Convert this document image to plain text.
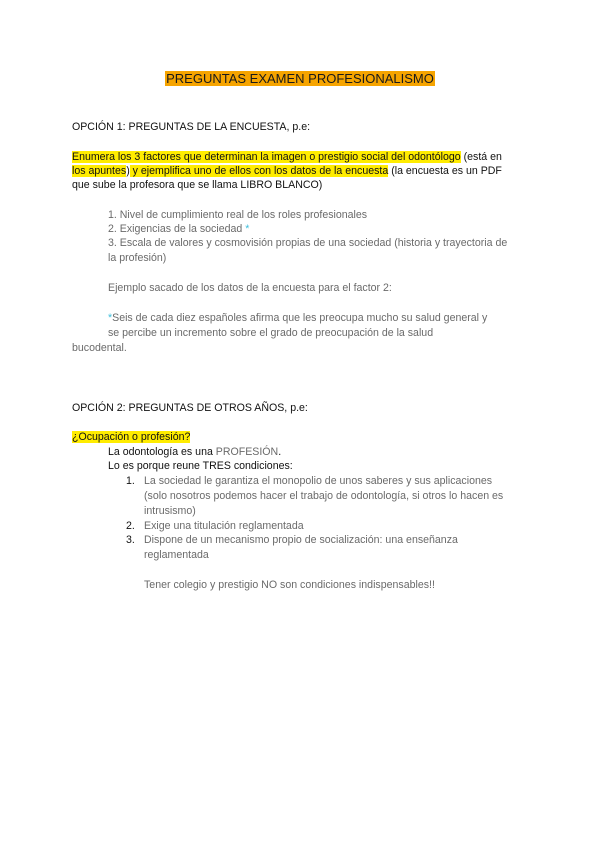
PREGUNTAS EXAMEN PROFESIONALISMO
OPCIÓN 1: PREGUNTAS DE LA ENCUESTA, p.e:
Enumera los 3 factores que determinan la imagen o prestigio social del odontólogo (está en
los apuntes) y ejemplifica uno de ellos con los datos de la encuesta (la encuesta es un PDF
que sube la profesora que se llama LIBRO BLANCO)
1. Nivel de cumplimiento real de los roles profesionales
2. Exigencias de la sociedad *
3. Escala de valores y cosmovisión propias de una sociedad (historia y trayectoria de
la profesión)
Ejemplo sacado de los datos de la encuesta para el factor 2:
*Seis de cada diez españoles afirma que les preocupa mucho su salud general y
se percibe un incremento sobre el grado de preocupación de la salud
bucodental.
OPCIÓN 2: PREGUNTAS DE OTROS AÑOS, p.e:
¿Ocupación o profesión?
La odontología es una PROFESIÓN.
Lo es porque reune TRES condiciones:
1. La sociedad le garantiza el monopolio de unos saberes y sus aplicaciones
(solo nosotros podemos hacer el trabajo de odontología, si otros lo hacen es
intrusismo)
2. Exige una titulación reglamentada
3. Dispone de un mecanismo propio de socialización: una enseñanza
reglamentada
Tener colegio y prestigio NO son condiciones indispensables!!
